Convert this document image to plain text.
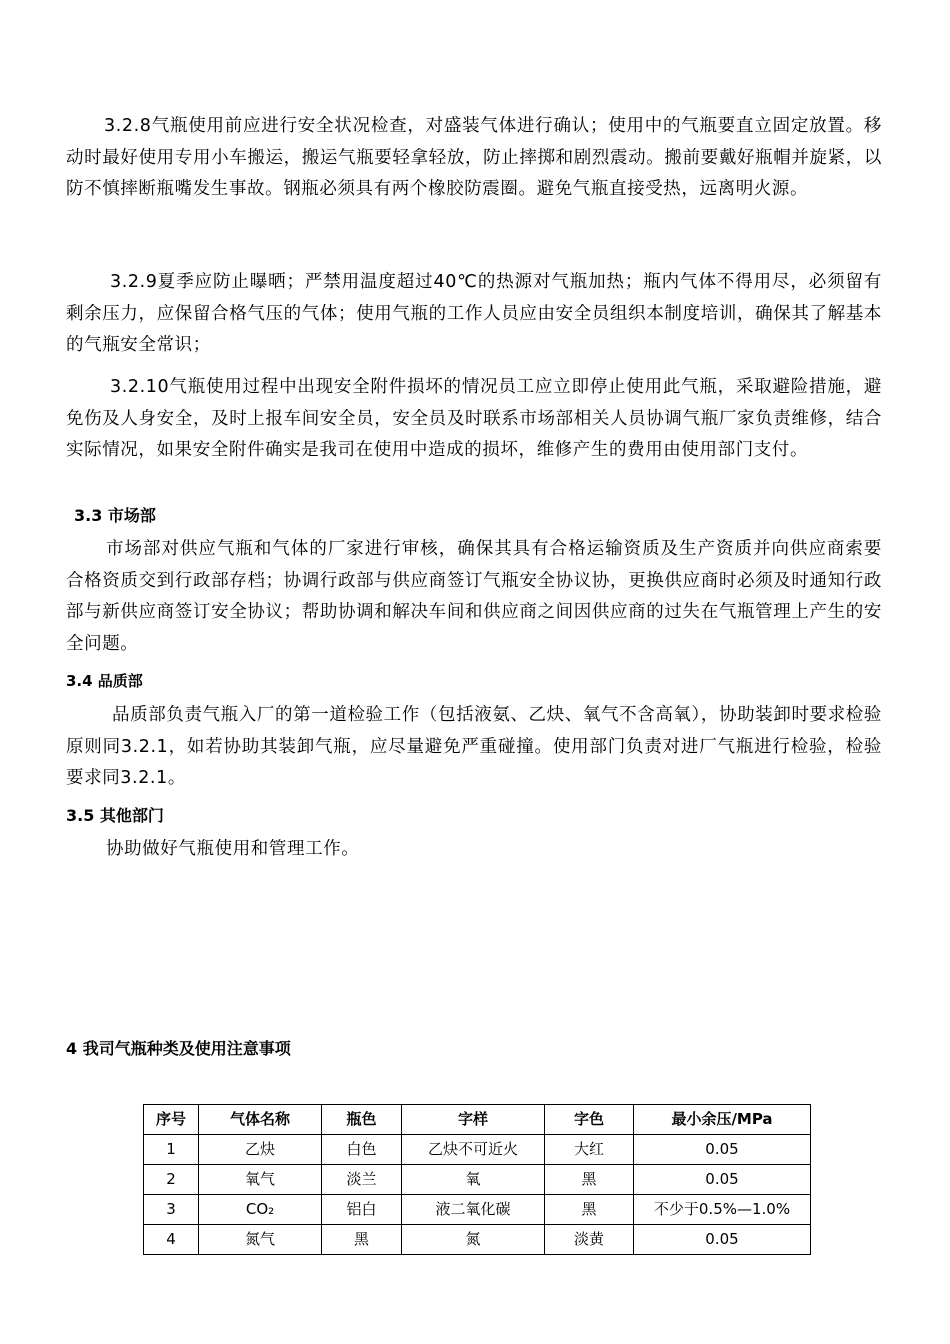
3.2.8气瓶使用前应进行安全状况检查，对盛装气体进行确认；使用中的气瓶要直立固定放置。移动时最好使用专用小车搬运，搬运气瓶要轻拿轻放，防止摔掷和剧烈震动。搬前要戴好瓶帽并旋紧，以防不慎摔断瓶嘴发生事故。钢瓶必须具有两个橡胶防震圈。避免气瓶直接受热，远离明火源。
3.2.9夏季应防止曝晒；严禁用温度超过40℃的热源对气瓶加热；瓶内气体不得用尽，必须留有剩余压力，应保留合格气压的气体；使用气瓶的工作人员应由安全员组织本制度培训，确保其了解基本的气瓶安全常识；
3.2.10气瓶使用过程中出现安全附件损坏的情况员工应立即停止使用此气瓶，采取避险措施，避免伤及人身安全，及时上报车间安全员，安全员及时联系市场部相关人员协调气瓶厂家负责维修，结合实际情况，如果安全附件确实是我司在使用中造成的损坏，维修产生的费用由使用部门支付。
3.3 市场部
市场部对供应气瓶和气体的厂家进行审核，确保其具有合格运输资质及生产资质并向供应商索要合格资质交到行政部存档；协调行政部与供应商签订气瓶安全协议协，更换供应商时必须及时通知行政部与新供应商签订安全协议；帮助协调和解决车间和供应商之间因供应商的过失在气瓶管理上产生的安全问题。
3.4 品质部
品质部负责气瓶入厂的第一道检验工作（包括液氨、乙炔、氧气不含高氧），协助装卸时要求检验原则同3.2.1，如若协助其装卸气瓶，应尽量避免严重碰撞。使用部门负责对进厂气瓶进行检验，检验要求同3.2.1。
3.5 其他部门
协助做好气瓶使用和管理工作。
4 我司气瓶种类及使用注意事项
序号	气体名称	瓶色	字样	字色	最小余压/MPa
1	乙炔	白色	乙炔不可近火	大红	0.05
2	氧气	淡兰	氧	黑	0.05
3	CO₂	铝白	液二氧化碳	黑	不少于0.5%—1.0%
4	氮气	黑	氮	淡黄	0.05
